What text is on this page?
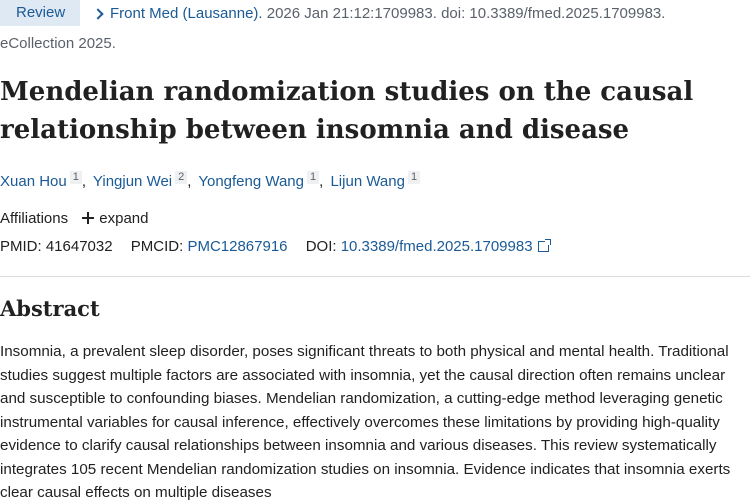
Review	Front Med (Lausanne). 2026 Jan 21:12:1709983. doi: 10.3389/fmed.2025.1709983.
eCollection 2025.
Mendelian randomization studies on the causal relationship between insomnia and disease
Xuan Hou 1 , Yingjun Wei 2 , Yongfeng Wang 1 , Lijun Wang 1
Affiliations expand
PMID: 41647032 PMCID: PMC12867916 DOI: 10.3389/fmed.2025.1709983
Abstract

Insomnia, a prevalent sleep disorder, poses significant threats to both physical and mental health. Traditional studies suggest multiple factors are associated with insomnia, yet the causal direction often remains unclear and susceptible to confounding biases. Mendelian randomization, a cutting-edge method leveraging genetic instrumental variables for causal inference, effectively overcomes these limitations by providing high-quality evidence to clarify causal relationships between insomnia and various diseases. This review systematically integrates 105 recent Mendelian randomization studies on insomnia. Evidence indicates that insomnia exerts clear causal effects on multiple diseases
